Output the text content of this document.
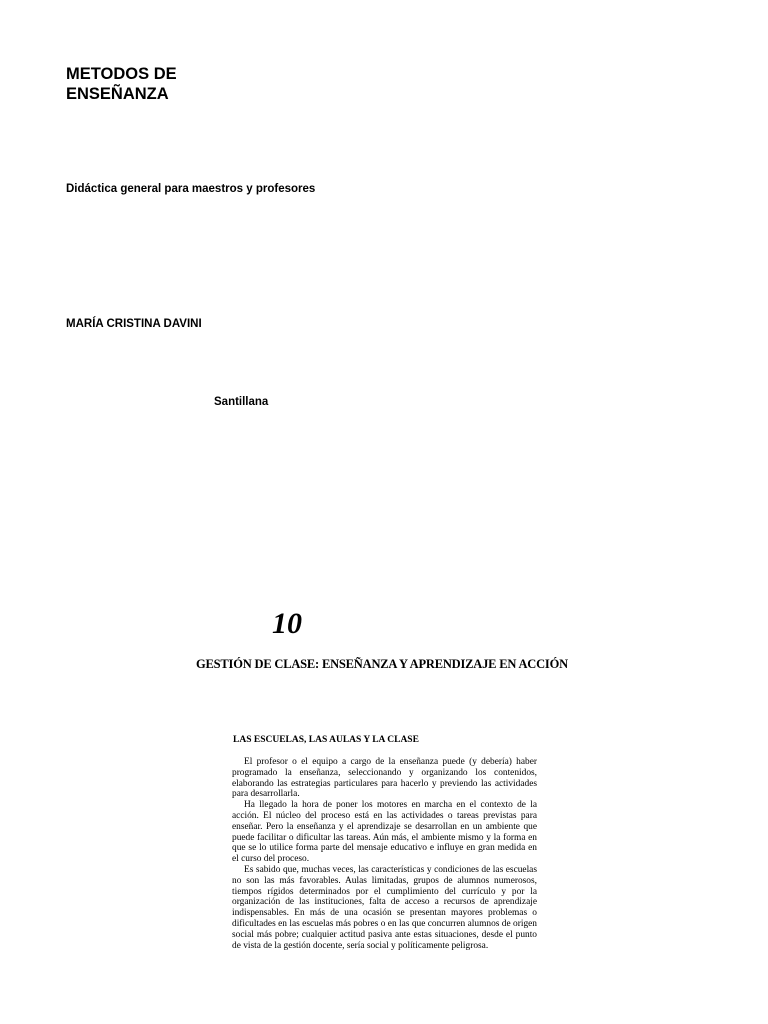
METODOS DE
ENSEÑANZA
Didáctica general para maestros y profesores
MARÍA CRISTINA DAVINI
Santillana
10
GESTIÓN DE CLASE: ENSEÑANZA Y APRENDIZAJE EN ACCIÓN
LAS ESCUELAS, LAS AULAS Y LA CLASE

El profesor o el equipo a cargo de la enseñanza puede (y debería) haber programado la enseñanza, seleccionando y organizando los contenidos, elaborando las estrategias particulares para hacerlo y previendo las actividades para desarrollarla.

Ha llegado la hora de poner los motores en marcha en el contexto de la acción. El núcleo del proceso está en las actividades o tareas previstas para enseñar. Pero la enseñanza y el aprendizaje se desarrollan en un ambiente que puede facilitar o dificultar las tareas. Aún más, el ambiente mismo y la forma en que se lo utilice forma parte del mensaje educativo e influye en gran medida en el curso del proceso.

Es sabido que, muchas veces, las características y condiciones de las escuelas no son las más favorables. Aulas limitadas, grupos de alumnos numerosos, tiempos rígidos determinados por el cumplimiento del currículo y por la organización de las instituciones, falta de acceso a recursos de aprendizaje indispensables. En más de una ocasión se presentan mayores problemas o dificultades en las escuelas más pobres o en las que concurren alumnos de origen social más pobre; cualquier actitud pasiva ante estas situaciones, desde el punto de vista de la gestión docente, sería social y políticamente peligrosa.
